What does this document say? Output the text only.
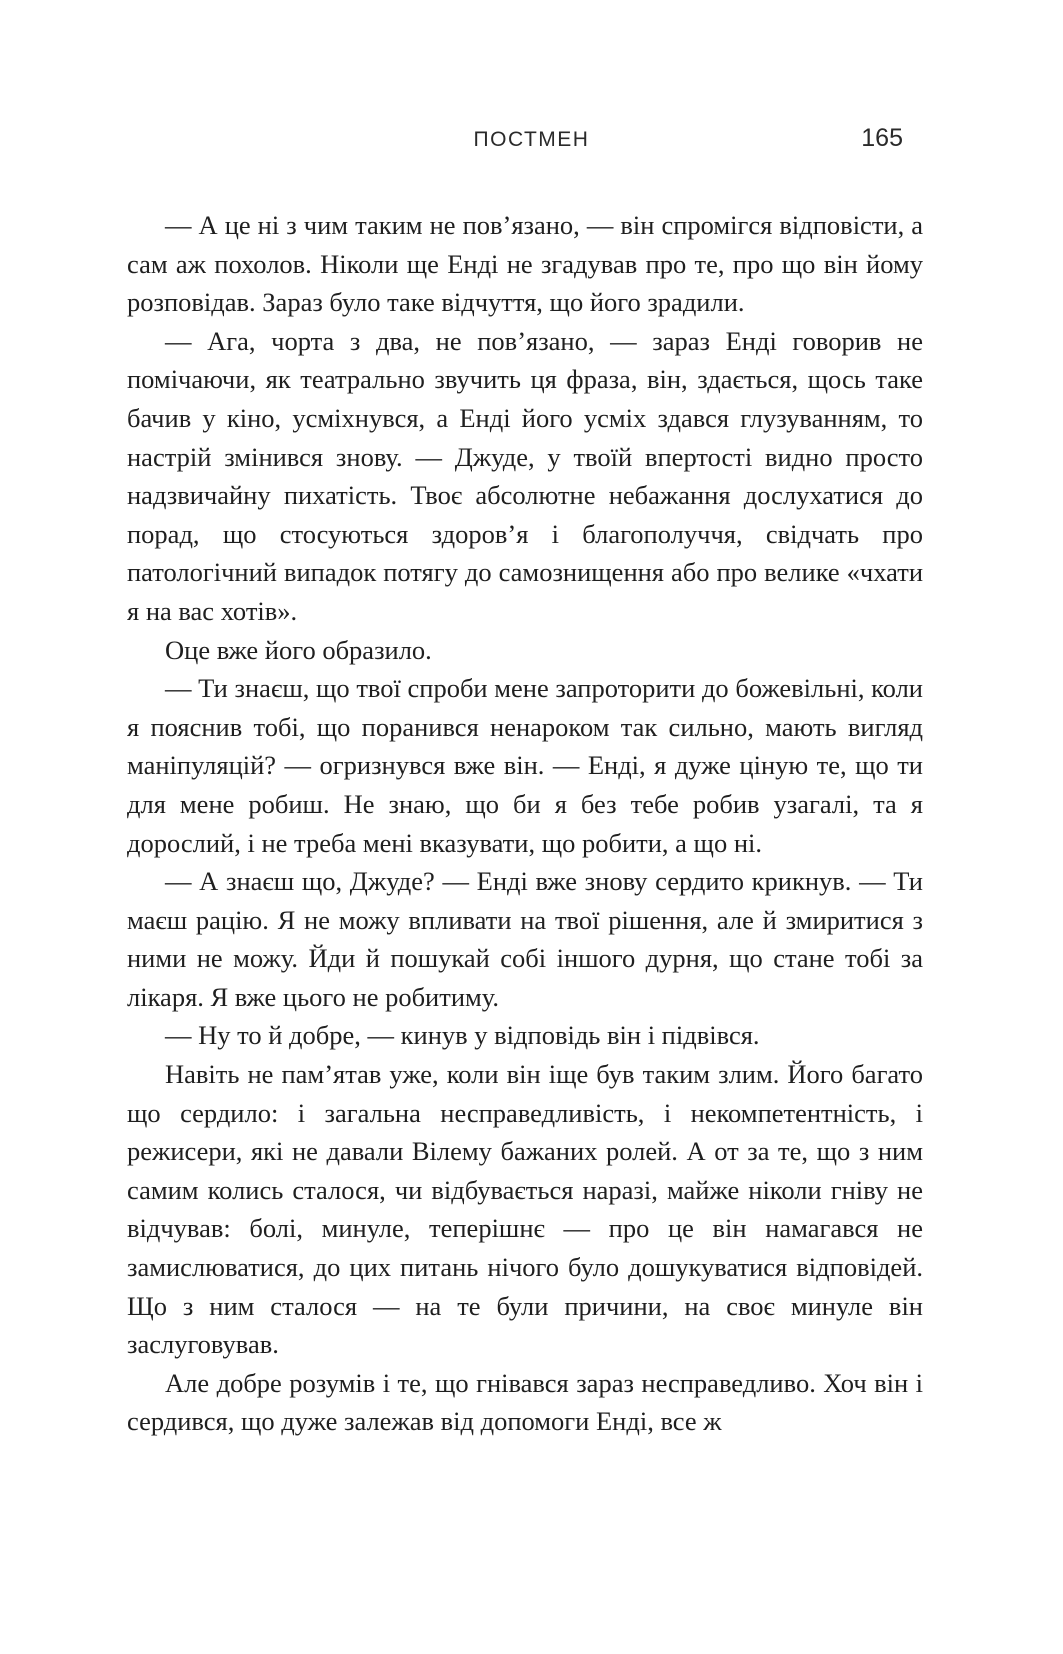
ПОСТМЕН	165

— А це ні з чим таким не пов’язано, — він спромігся відповісти, а сам аж похолов. Ніколи ще Енді не згадував про те, про що він йому розповідав. Зараз було таке відчуття, що його зрадили.

— Ага, чорта з два, не пов’язано, — зараз Енді говорив не помічаючи, як театрально звучить ця фраза, він, здається, щось таке бачив у кіно, усміхнувся, а Енді його усміх здався глузуванням, то настрій змінився знову. — Джуде, у твоїй впертості видно просто надзвичайну пихатість. Твоє абсолютне небажання дослухатися до порад, що стосуються здоров’я і благополуччя, свідчать про патологічний випадок потягу до самознищення або про велике «чхати я на вас хотів».

Оце вже його образило.

— Ти знаєш, що твої спроби мене запроторити до божевільні, коли я пояснив тобі, що поранився ненароком так сильно, мають вигляд маніпуляцій? — огризнувся вже він. — Енді, я дуже ціную те, що ти для мене робиш. Не знаю, що би я без тебе робив узагалі, та я дорослий, і не треба мені вказувати, що робити, а що ні.

— А знаєш що, Джуде? — Енді вже знову сердито крикнув. — Ти маєш рацію. Я не можу впливати на твої рішення, але й змиритися з ними не можу. Йди й пошукай собі іншого дурня, що стане тобі за лікаря. Я вже цього не робитиму.

— Ну то й добре, — кинув у відповідь він і підвівся.

Навіть не пам’ятав уже, коли він іще був таким злим. Його багато що сердило: і загальна несправедливість, і некомпетентність, і режисери, які не давали Вілему бажаних ролей. А от за те, що з ним самим колись сталося, чи відбувається наразі, майже ніколи гніву не відчував: болі, минуле, теперішнє — про це він намагався не замислюватися, до цих питань нічого було дошукуватися відповідей. Що з ним сталося — на те були причини, на своє минуле він заслуговував.

Але добре розумів і те, що гнівався зараз несправедливо. Хоч він і сердився, що дуже залежав від допомоги Енді, все ж
